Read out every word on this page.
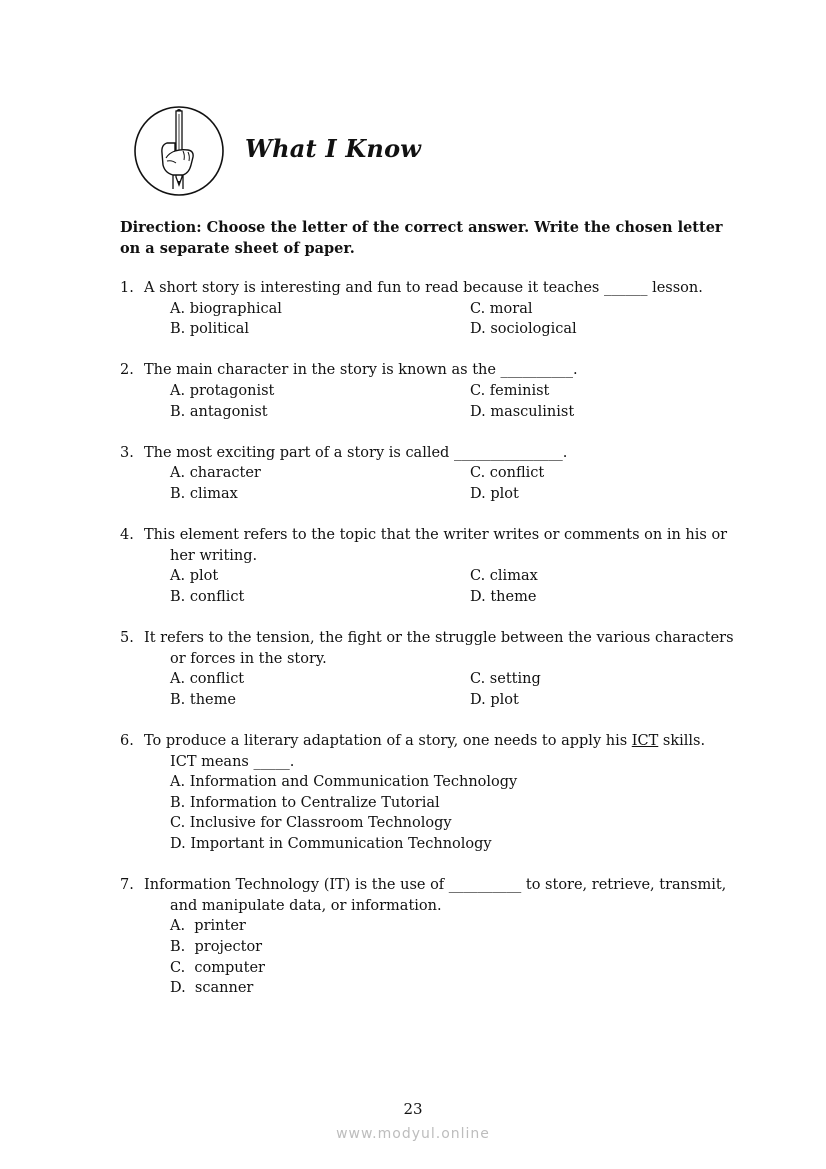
What I Know
Direction: Choose the letter of the correct answer. Write the chosen letter
on a separate sheet of paper.
1. A short story is interesting and fun to read because it teaches ______ lesson.
A. biographical	C. moral
B. political	D. sociological
2. The main character in the story is known as the __________.
A. protagonist	C. feminist
B. antagonist	D. masculinist
3. The most exciting part of a story is called _______________.
A. character	C. conflict
B. climax	D. plot
4. This element refers to the topic that the writer writes or comments on in his or
her writing.
A. plot	C. climax
B. conflict	D. theme
5. It refers to the tension, the fight or the struggle between the various characters
or forces in the story.
A. conflict	C. setting
B. theme	D. plot
6. To produce a literary adaptation of a story, one needs to apply his ICT skills.
ICT means _____.
A. Information and Communication Technology
B. Information to Centralize Tutorial
C. Inclusive for Classroom Technology
D. Important in Communication Technology
7. Information Technology (IT) is the use of __________ to store, retrieve, transmit,
and manipulate data, or information.
A.  printer
B.  projector
C.  computer
D.  scanner
23
www.modyul.online
